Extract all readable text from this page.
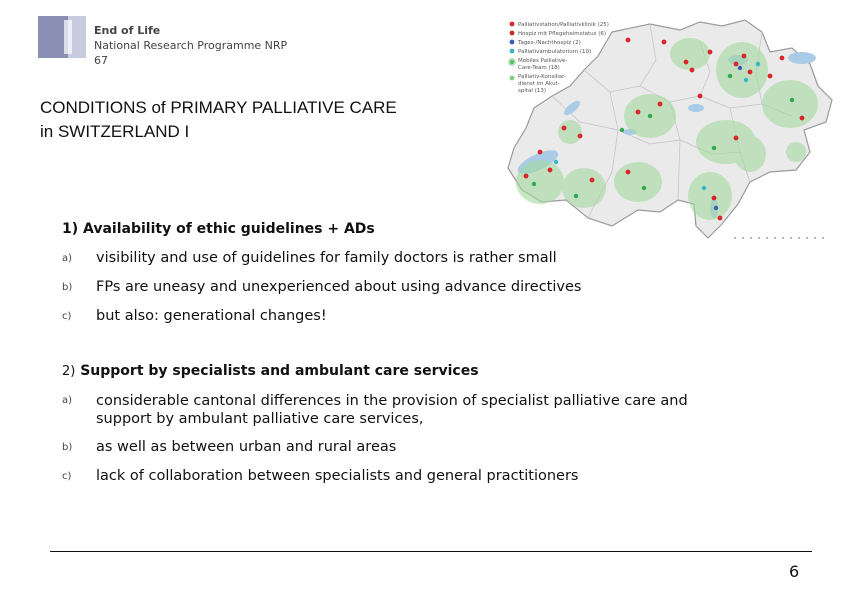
End of Life
National Research Programme NRP 67
CONDITIONS of PRIMARY PALLIATIVE CARE
in SWITZERLAND I
Palliativstation/Palliativklinik (25)
Hospiz mit Pflegeheimstatus (6)
Tages-/Nachthospiz (2)
Palliativambulatorium (10)
Mobiles Palliative-
Care-Team (18)
Palliativ-Konsiliar-
dienst im Akut-
spital (13)
1) Availability of ethic guidelines + ADs
a) visibility and use of guidelines for family doctors is rather small
b) FPs are uneasy and unexperienced about using advance directives
c) but also: generational changes!
2) Support by specialists and ambulant care services
a) considerable cantonal differences in the provision of specialist palliative care and
support by ambulant palliative care services,
b) as well as between urban and rural areas
c) lack of collaboration between specialists and general practitioners
6
